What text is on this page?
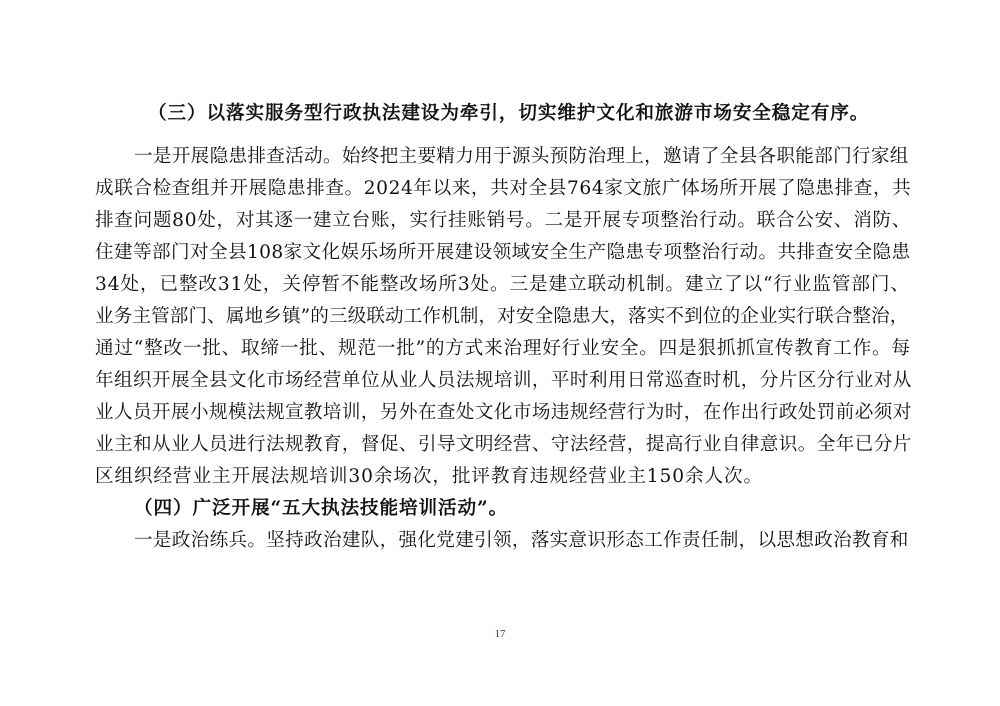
（三）以落实服务型行政执法建设为牵引，切实维护文化和旅游市场安全稳定有序。
一是开展隐患排查活动。始终把主要精力用于源头预防治理上，邀请了全县各职能部门行家组
成联合检查组并开展隐患排查。2024年以来，共对全县764家文旅广体场所开展了隐患排查，共
排查问题80处，对其逐一建立台账，实行挂账销号。二是开展专项整治行动。联合公安、消防、
住建等部门对全县108家文化娱乐场所开展建设领域安全生产隐患专项整治行动。共排查安全隐患
34处，已整改31处，关停暂不能整改场所3处。三是建立联动机制。建立了以“行业监管部门、
业务主管部门、属地乡镇”的三级联动工作机制，对安全隐患大，落实不到位的企业实行联合整治，
通过“整改一批、取缔一批、规范一批”的方式来治理好行业安全。四是狠抓抓宣传教育工作。每
年组织开展全县文化市场经营单位从业人员法规培训，平时利用日常巡查时机，分片区分行业对从
业人员开展小规模法规宣教培训，另外在查处文化市场违规经营行为时，在作出行政处罚前必须对
业主和从业人员进行法规教育，督促、引导文明经营、守法经营，提高行业自律意识。全年已分片
区组织经营业主开展法规培训30余场次，批评教育违规经营业主150余人次。
（四）广泛开展“五大执法技能培训活动”。
一是政治练兵。坚持政治建队，强化党建引领，落实意识形态工作责任制，以思想政治教育和
17
